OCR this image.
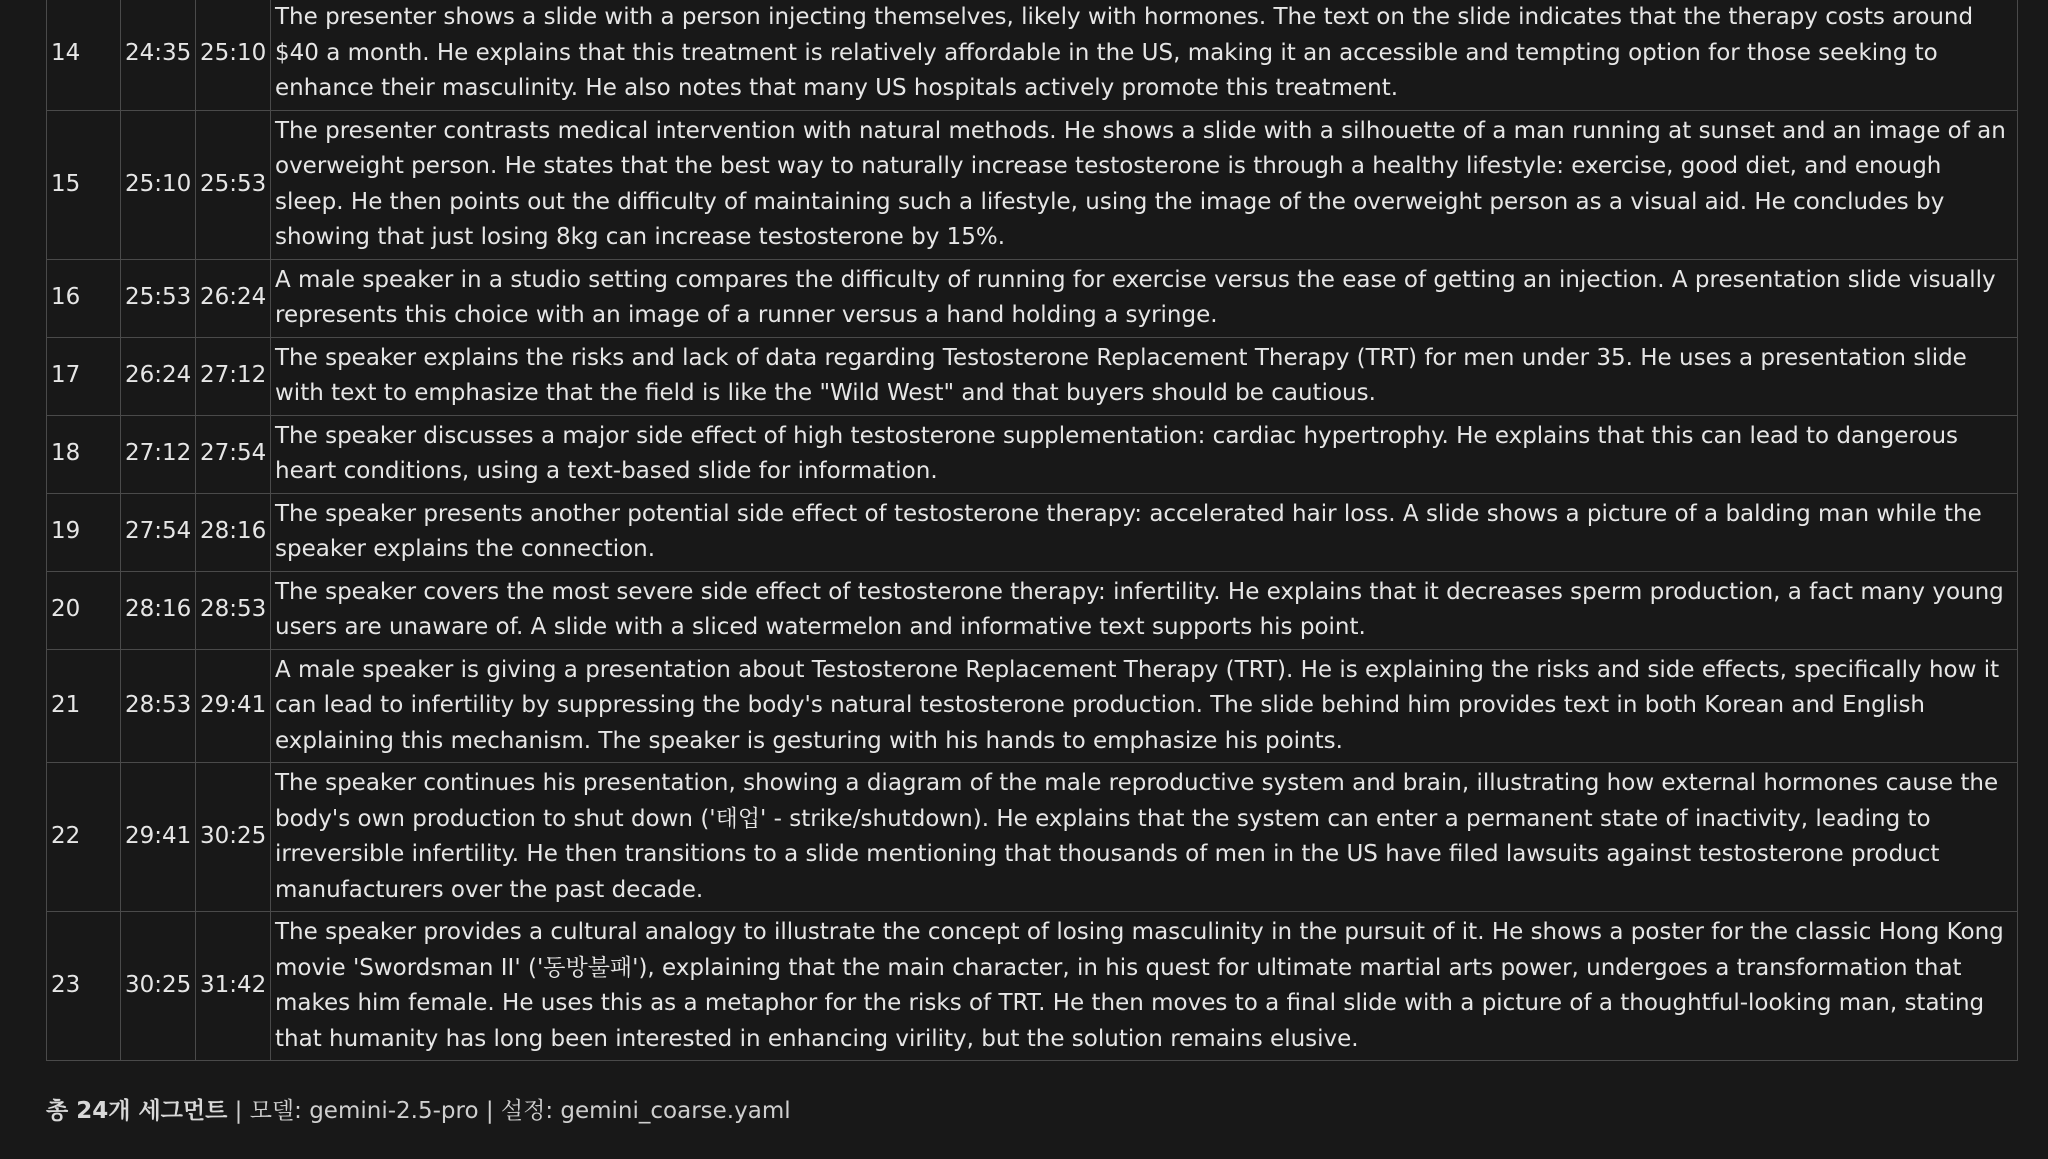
14	24:35	25:10	The presenter shows a slide with a person injecting themselves, likely with hormones. The text on the slide indicates that the therapy costs around $40 a month. He explains that this treatment is relatively affordable in the US, making it an accessible and tempting option for those seeking to enhance their masculinity. He also notes that many US hospitals actively promote this treatment.
15	25:10	25:53	The presenter contrasts medical intervention with natural methods. He shows a slide with a silhouette of a man running at sunset and an image of an overweight person. He states that the best way to naturally increase testosterone is through a healthy lifestyle: exercise, good diet, and enough sleep. He then points out the difficulty of maintaining such a lifestyle, using the image of the overweight person as a visual aid. He concludes by showing that just losing 8kg can increase testosterone by 15%.
16	25:53	26:24	A male speaker in a studio setting compares the difficulty of running for exercise versus the ease of getting an injection. A presentation slide visually represents this choice with an image of a runner versus a hand holding a syringe.
17	26:24	27:12	The speaker explains the risks and lack of data regarding Testosterone Replacement Therapy (TRT) for men under 35. He uses a presentation slide with text to emphasize that the field is like the "Wild West" and that buyers should be cautious.
18	27:12	27:54	The speaker discusses a major side effect of high testosterone supplementation: cardiac hypertrophy. He explains that this can lead to dangerous heart conditions, using a text-based slide for information.
19	27:54	28:16	The speaker presents another potential side effect of testosterone therapy: accelerated hair loss. A slide shows a picture of a balding man while the speaker explains the connection.
20	28:16	28:53	The speaker covers the most severe side effect of testosterone therapy: infertility. He explains that it decreases sperm production, a fact many young users are unaware of. A slide with a sliced watermelon and informative text supports his point.
21	28:53	29:41	A male speaker is giving a presentation about Testosterone Replacement Therapy (TRT). He is explaining the risks and side effects, specifically how it can lead to infertility by suppressing the body's natural testosterone production. The slide behind him provides text in both Korean and English explaining this mechanism. The speaker is gesturing with his hands to emphasize his points.
22	29:41	30:25	The speaker continues his presentation, showing a diagram of the male reproductive system and brain, illustrating how external hormones cause the body's own production to shut down ('태업' - strike/shutdown). He explains that the system can enter a permanent state of inactivity, leading to irreversible infertility. He then transitions to a slide mentioning that thousands of men in the US have filed lawsuits against testosterone product manufacturers over the past decade.
23	30:25	31:42	The speaker provides a cultural analogy to illustrate the concept of losing masculinity in the pursuit of it. He shows a poster for the classic Hong Kong movie 'Swordsman II' ('동방불패'), explaining that the main character, in his quest for ultimate martial arts power, undergoes a transformation that makes him female. He uses this as a metaphor for the risks of TRT. He then moves to a final slide with a picture of a thoughtful-looking man, stating that humanity has long been interested in enhancing virility, but the solution remains elusive.
총 24개 세그먼트 | 모델: gemini-2.5-pro | 설정: gemini_coarse.yaml
